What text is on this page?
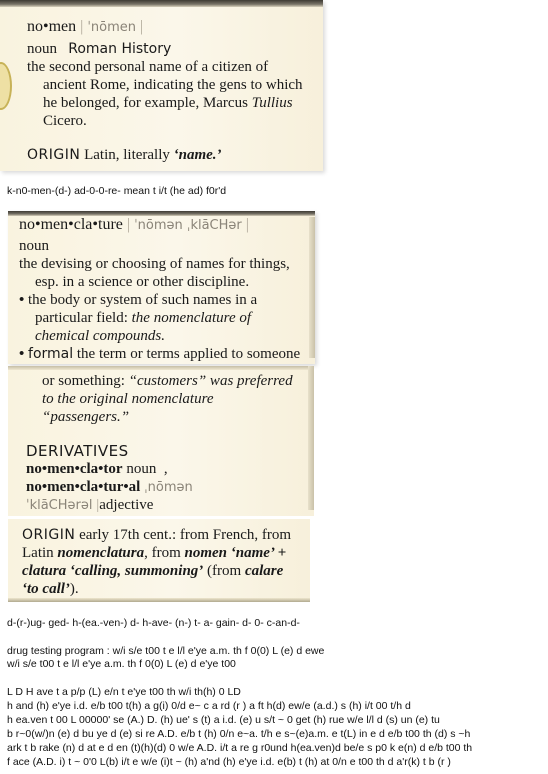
no•men | ˈnōmen |
noun Roman History
the second personal name of a citizen of
ancient Rome, indicating the gens to which
he belonged, for example, Marcus Tullius
Cicero.
ORIGIN Latin, literally ‘name.’
k-n0-men-(d-) ad-0-0-re- mean t i/t (he ad) f0r'd
no•men•cla•ture | ˈnōmən ˌklāCHər |
noun
the devising or choosing of names for things,
esp. in a science or other discipline.
• the body or system of such names in a
particular field: the nomenclature of
chemical compounds.
• formal the term or terms applied to someone
or something: “customers” was preferred
to the original nomenclature
“passengers.”
DERIVATIVES
no•men•cla•tor noun ,
no•men•cla•tur•al ˌnōmən
ˈklāCHərəl |adjective
ORIGIN early 17th cent.: from French, from
Latin nomenclatura, from nomen ‘name’ +
clatura ‘calling, summoning’ (from calare
‘to call’).
d-(r-)ug- ged- h-(ea.-ven-) d- h-ave- (n-) t- a- gain- d- 0- c-an-d-
drug testing program : w/i s/e t00 t e l/l e'ye a.m. th f 0(0) L (e) d ewe
w/i s/e t00 t e l/l e'ye a.m. th f 0(0) L (e) d e'ye t00
L D H ave t a p/p (L) e/n t e'ye t00 th w/i th(h) 0 LD
h and (h) e'ye i.d. e/b t00 t(h) a g(i) 0/d e~ c a rd (r ) a ft h(d) ew/e (a.d.) s (h) i/t 00 t/h d
h ea.ven t 00 L 00000' se (A.) D. (h) ue' s (t) a i.d. (e) u s/t ~ 0 get (h) rue w/e l/l d (s) un (e) tu
b r~0(w/)n (e) d bu ye d (e) si re A.D. e/b t (h) 0/n e~a. t/h e s~(e)a.m. e t(L) in e d e/b t00 th (d) s ~h
ark t b rake (n) d at e d en (t)(h)(d) 0 w/e A.D. i/t a re g r0und h(ea.ven)d be/e s p0 k e(n) d e/b t00 th
f ace (A.D. i) t ~ 0'0 L(b) i/t e w/e (i)t ~ (h) a'nd (h) e'ye i.d. e(b) t (h) at 0/n e t00 th d a'r(k) t b (r )
